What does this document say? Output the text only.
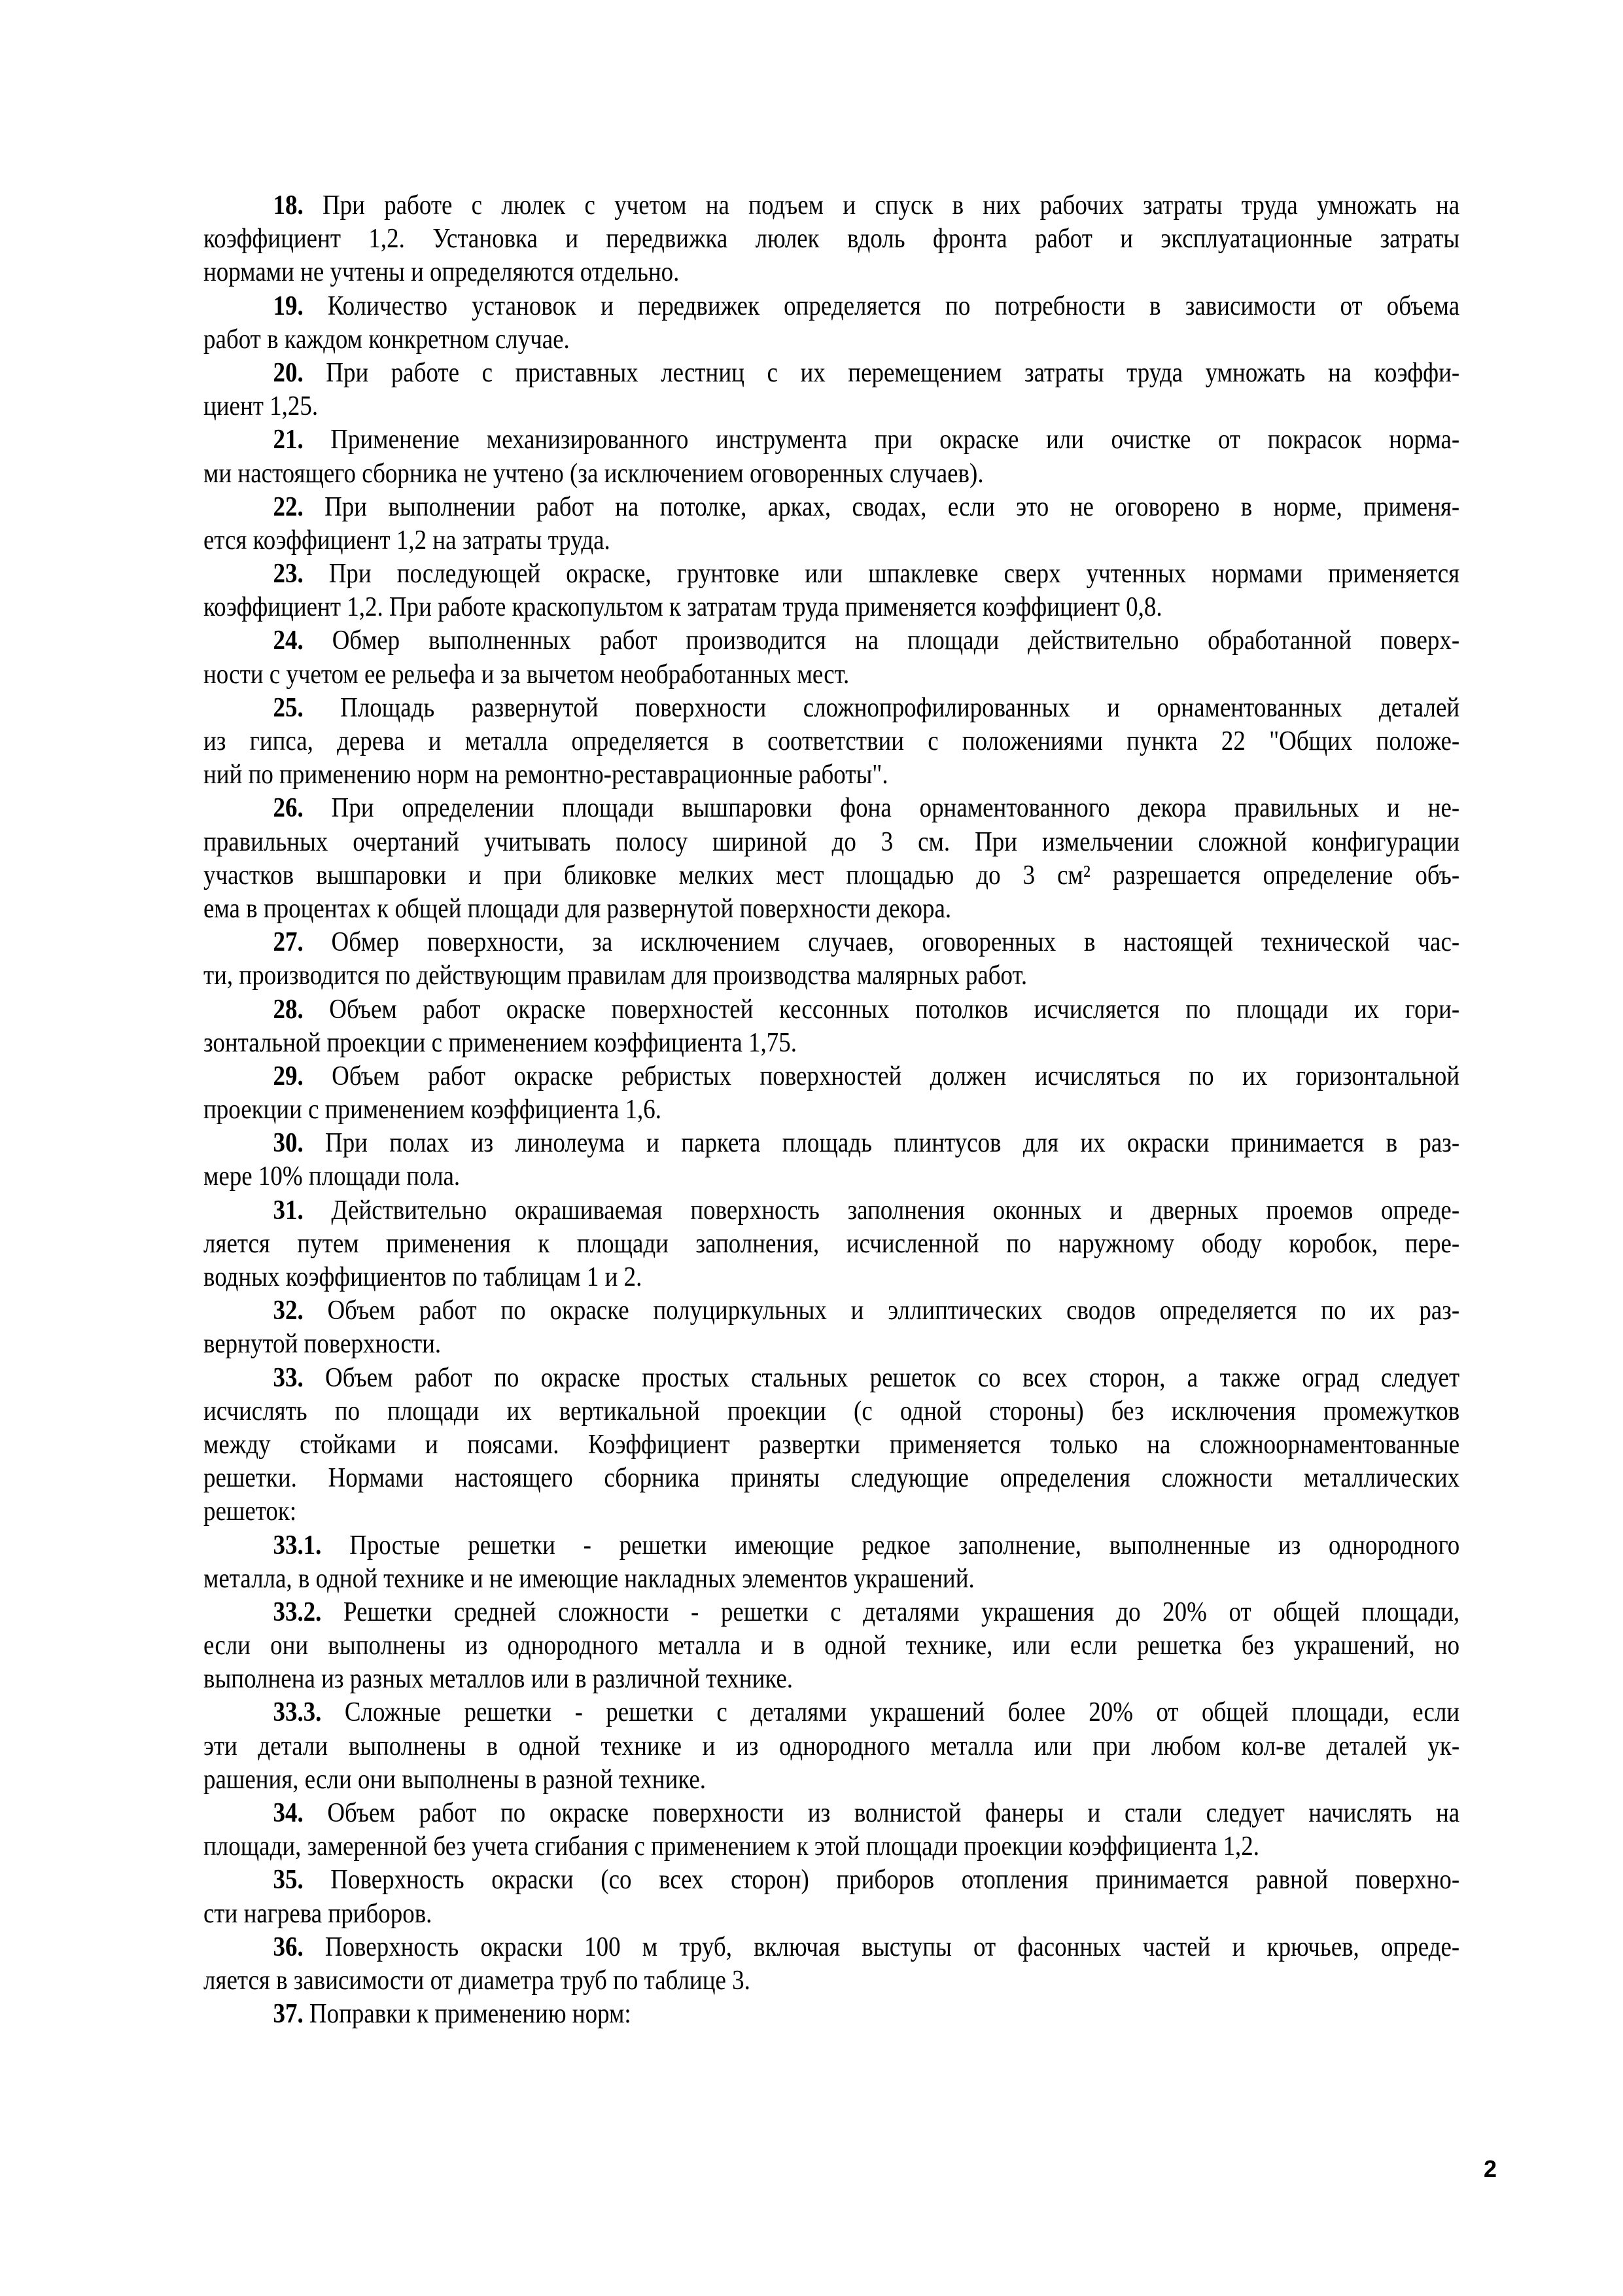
18. При работе с люлек с учетом на подъем и спуск в них рабочих затраты труда умножать на
коэффициент 1,2. Установка и передвижка люлек вдоль фронта работ и эксплуатационные затраты
нормами не учтены и определяются отдельно.
19. Количество установок и передвижек определяется по потребности в зависимости от объема
работ в каждом конкретном случае.
20. При работе с приставных лестниц с их перемещением затраты труда умножать на коэффи-
циент 1,25.
21. Применение механизированного инструмента при окраске или очистке от покрасок норма-
ми настоящего сборника не учтено (за исключением оговоренных случаев).
22. При выполнении работ на потолке, арках, сводах, если это не оговорено в норме, применя-
ется коэффициент 1,2 на затраты труда.
23. При последующей окраске, грунтовке или шпаклевке сверх учтенных нормами применяется
коэффициент 1,2. При работе краскопультом к затратам труда применяется коэффициент 0,8.
24. Обмер выполненных работ производится на площади действительно обработанной поверх-
ности с учетом ее рельефа и за вычетом необработанных мест.
25. Площадь развернутой поверхности сложнопрофилированных и орнаментованных деталей
из гипса, дерева и металла определяется в соответствии с положениями пункта 22 "Общих положе-
ний по применению норм на ремонтно-реставрационные работы".
26. При определении площади вышпаровки фона орнаментованного декора правильных и не-
правильных очертаний учитывать полосу шириной до 3 см. При измельчении сложной конфигурации
участков вышпаровки и при бликовке мелких мест площадью до 3 см² разрешается определение объ-
ема в процентах к общей площади для развернутой поверхности декора.
27. Обмер поверхности, за исключением случаев, оговоренных в настоящей технической час-
ти, производится по действующим правилам для производства малярных работ.
28. Объем работ окраске поверхностей кессонных потолков исчисляется по площади их гори-
зонтальной проекции с применением коэффициента 1,75.
29. Объем работ окраске ребристых поверхностей должен исчисляться по их горизонтальной
проекции с применением коэффициента 1,6.
30. При полах из линолеума и паркета площадь плинтусов для их окраски принимается в раз-
мере 10% площади пола.
31. Действительно окрашиваемая поверхность заполнения оконных и дверных проемов опреде-
ляется путем применения к площади заполнения, исчисленной по наружному ободу коробок, пере-
водных коэффициентов по таблицам 1 и 2.
32. Объем работ по окраске полуциркульных и эллиптических сводов определяется по их раз-
вернутой поверхности.
33. Объем работ по окраске простых стальных решеток со всех сторон, а также оград следует
исчислять по площади их вертикальной проекции (с одной стороны) без исключения промежутков
между стойками и поясами. Коэффициент развертки применяется только на сложноорнаментованные
решетки. Нормами настоящего сборника приняты следующие определения сложности металлических
решеток:
33.1. Простые решетки - решетки имеющие редкое заполнение, выполненные из однородного
металла, в одной технике и не имеющие накладных элементов украшений.
33.2. Решетки средней сложности - решетки с деталями украшения до 20% от общей площади,
если они выполнены из однородного металла и в одной технике, или если решетка без украшений, но
выполнена из разных металлов или в различной технике.
33.3. Сложные решетки - решетки с деталями украшений более 20% от общей площади, если
эти детали выполнены в одной технике и из однородного металла или при любом кол-ве деталей ук-
рашения, если они выполнены в разной технике.
34. Объем работ по окраске поверхности из волнистой фанеры и стали следует начислять на
площади, замеренной без учета сгибания с применением к этой площади проекции коэффициента 1,2.
35. Поверхность окраски (со всех сторон) приборов отопления принимается равной поверхно-
сти нагрева приборов.
36. Поверхность окраски 100 м труб, включая выступы от фасонных частей и крючьев, опреде-
ляется в зависимости от диаметра труб по таблице 3.
37. Поправки к применению норм:
2
